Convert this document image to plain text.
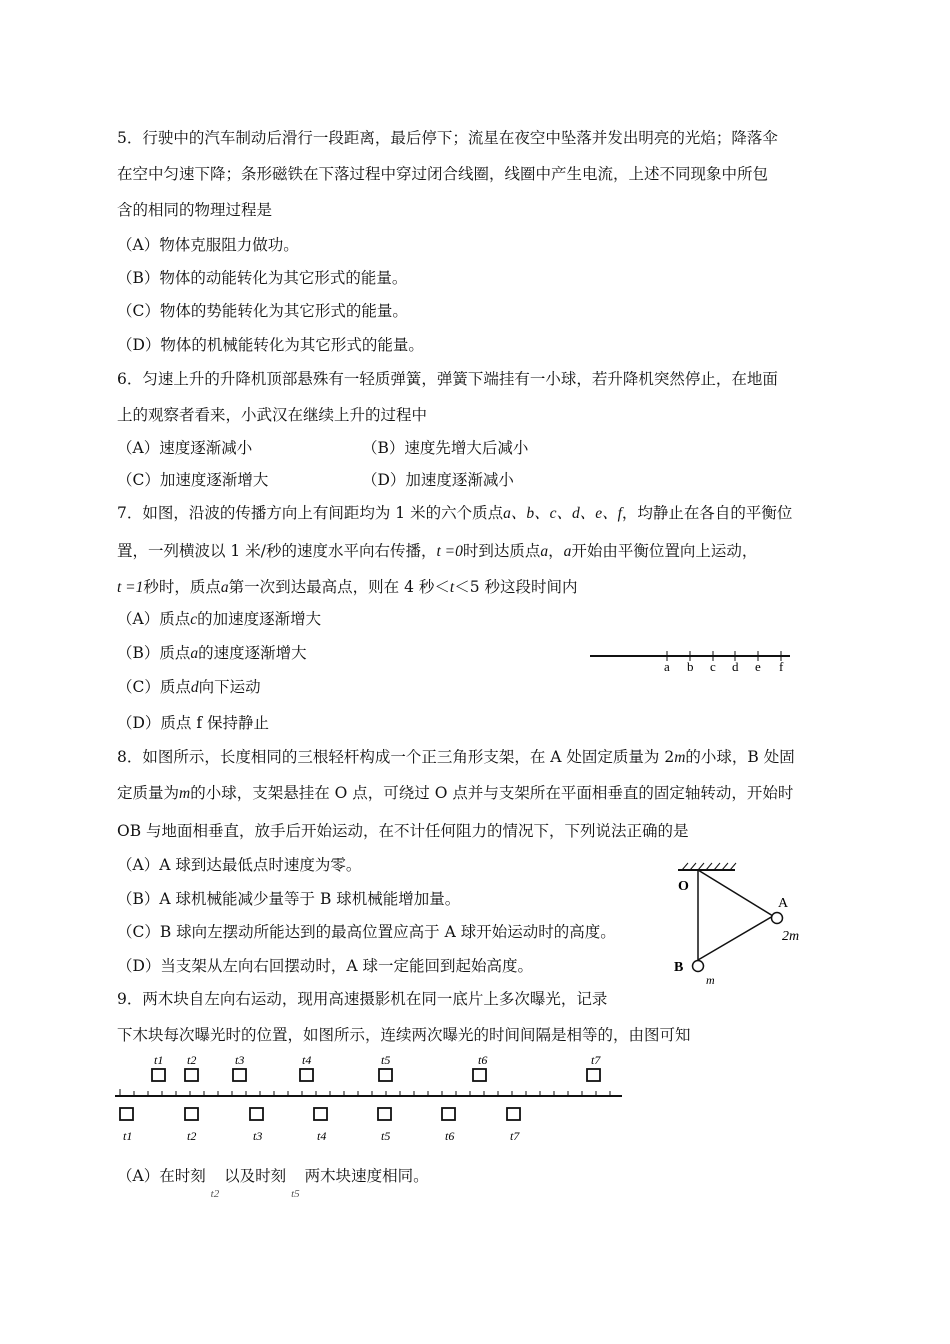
5．行驶中的汽车制动后滑行一段距离，最后停下；流星在夜空中坠落并发出明亮的光焰；降落伞
在空中匀速下降；条形磁铁在下落过程中穿过闭合线圈，线圈中产生电流，上述不同现象中所包
含的相同的物理过程是
（A）物体克服阻力做功。
（B）物体的动能转化为其它形式的能量。
（C）物体的势能转化为其它形式的能量。
（D）物体的机械能转化为其它形式的能量。
6．匀速上升的升降机顶部悬殊有一轻质弹簧，弹簧下端挂有一小球，若升降机突然停止，在地面
上的观察者看来，小武汉在继续上升的过程中
（A）速度逐渐减小	（B）速度先增大后减小
（C）加速度逐渐增大	（D）加速度逐渐减小
7．如图，沿波的传播方向上有间距均为 1 米的六个质点a、b、c、d、e、f，均静止在各自的平衡位
置，一列横波以 1 米/秒的速度水平向右传播，t =0时到达质点a，a开始由平衡位置向上运动，
t =1秒时，质点a第一次到达最高点，则在 4 秒＜t＜5 秒这段时间内
（A）质点c的加速度逐渐增大
（B）质点a的速度逐渐增大
（C）质点d向下运动
（D）质点 f 保持静止
a b c d e f
8．如图所示，长度相同的三根轻杆构成一个正三角形支架，在 A 处固定质量为 2m的小球，B 处固
定质量为m的小球，支架悬挂在 O 点，可绕过 O 点并与支架所在平面相垂直的固定轴转动，开始时
OB 与地面相垂直，放手后开始运动，在不计任何阻力的情况下，下列说法正确的是
（A）A 球到达最低点时速度为零。
（B）A 球机械能减少量等于 B 球机械能增加量。
（C）B 球向左摆动所能达到的最高位置应高于 A 球开始运动时的高度。
（D）当支架从左向右回摆动时，A 球一定能回到起始高度。
O
A
2m
B
m
9．两木块自左向右运动，现用高速摄影机在同一底片上多次曝光，记录
下木块每次曝光时的位置，如图所示，连续两次曝光的时间间隔是相等的，由图可知
t1 t2	t3	t4	t5	t6	t7
t1	t2	t3	t4	t5	t6	t7
（A）在时刻 $_{t2}$ 以及时刻 $_{t5}$ 两木块速度相同。
